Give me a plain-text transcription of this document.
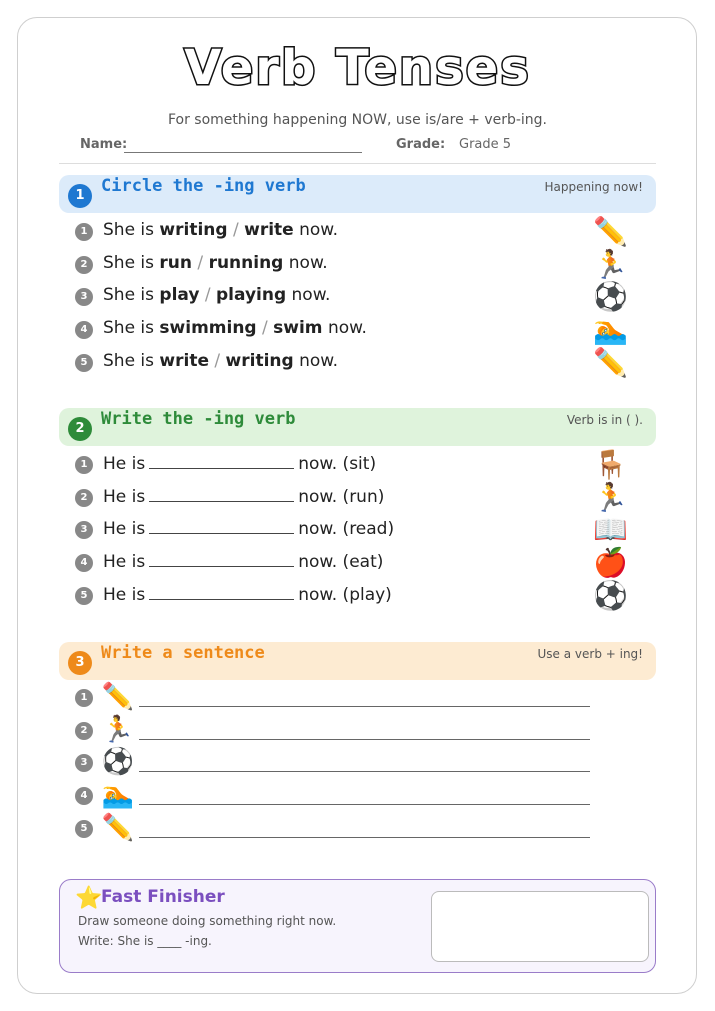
Verb Tenses
For something happening NOW, use is/are + verb-ing.
Name:	Grade: Grade 5
1 Circle the -ing verb	Happening now!
1 She is writing / write now.	✏️
2 She is run / running now.	🏃
3 She is play / playing now.	⚽
4 She is swimming / swim now.	🏊
5 She is write / writing now.	✏️
2 Write the -ing verb	Verb is in ( ).
1 He is	now. (sit)	🪑
2 He is	now. (run)	🏃
3 He is	now. (read)	📖
4 He is	now. (eat)	🍎
5 He is	now. (play)	⚽
3 Write a sentence	Use a verb + ing!
1 ✏️
2 🏃
3 ⚽
4 🏊
5 ✏️
⭐
Fast Finisher
Draw someone doing something right now.
Write: She is ____ -ing.
